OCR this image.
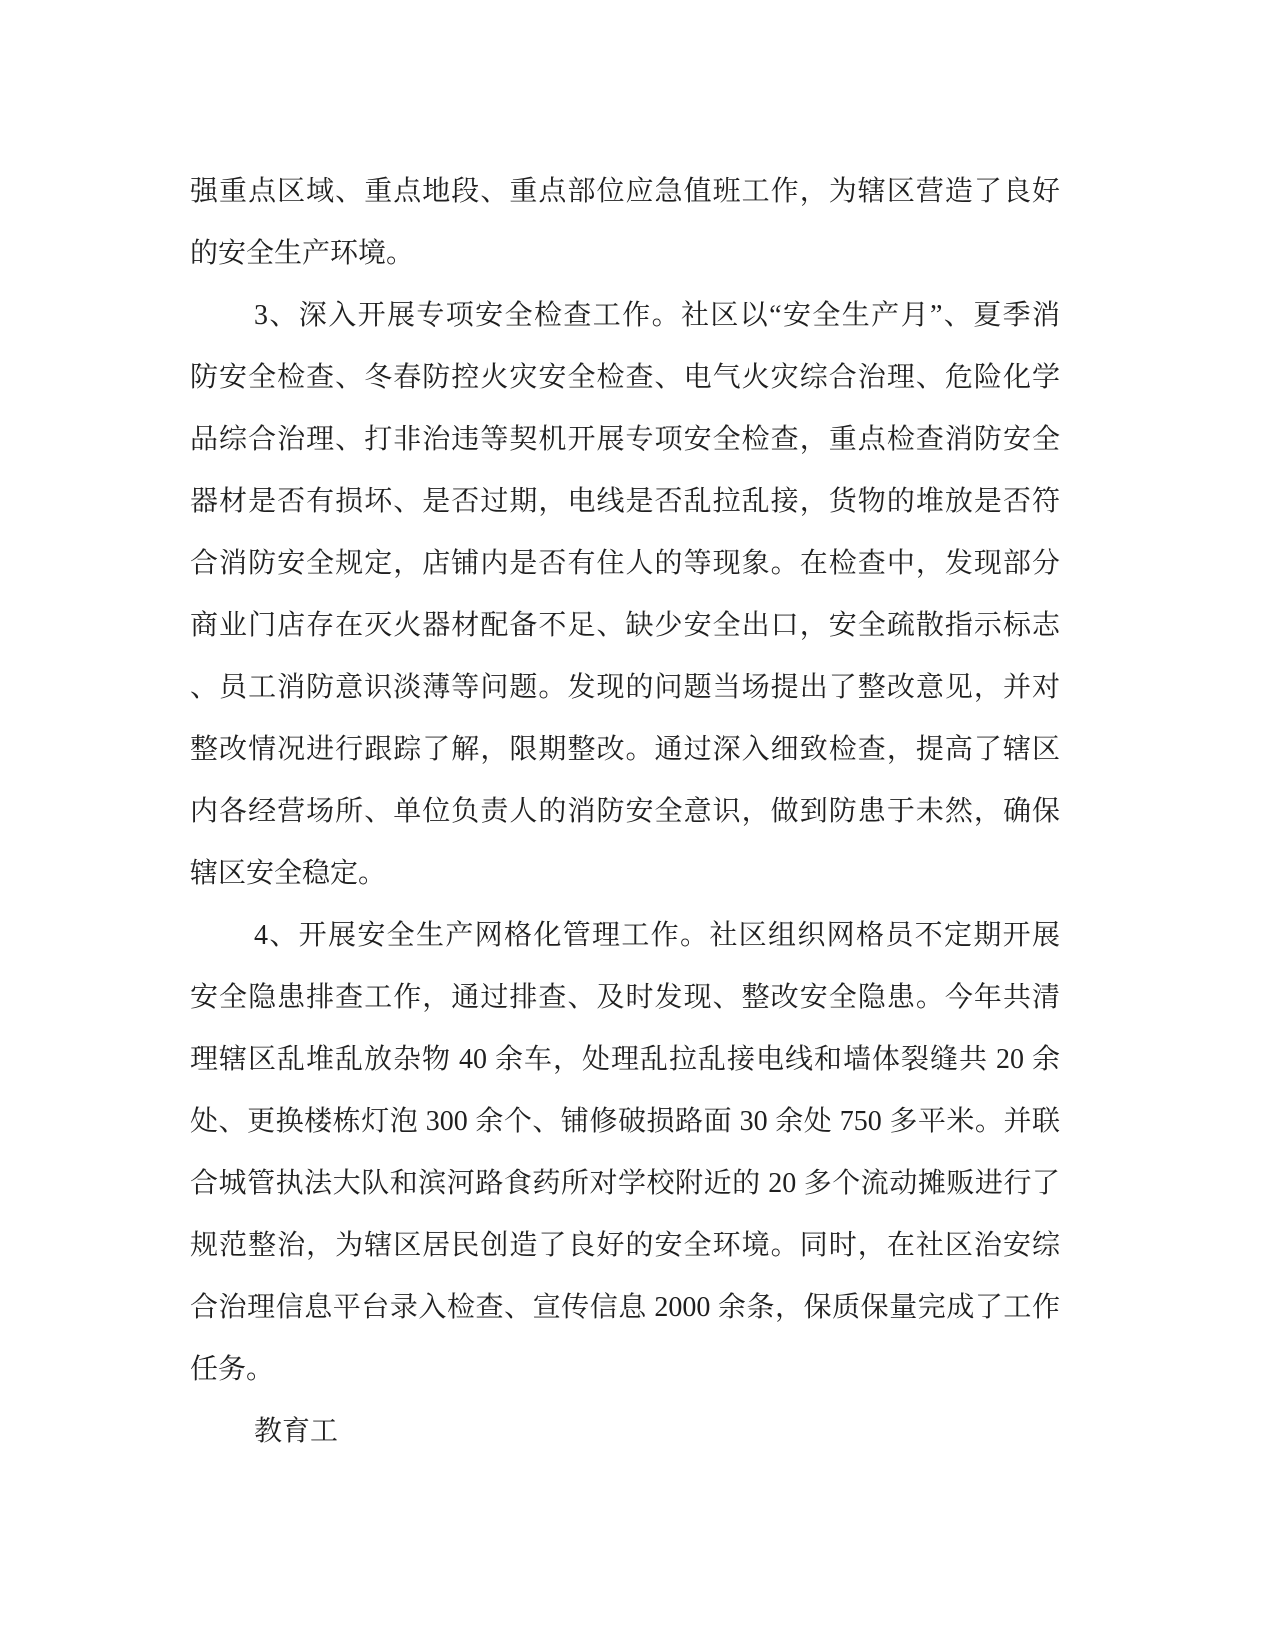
强重点区域、重点地段、重点部位应急值班工作，为辖区营造了良好
的安全生产环境。
3、深入开展专项安全检查工作。社区以“安全生产月”、夏季消
防安全检查、冬春防控火灾安全检查、电气火灾综合治理、危险化学
品综合治理、打非治违等契机开展专项安全检查，重点检查消防安全
器材是否有损坏、是否过期，电线是否乱拉乱接，货物的堆放是否符
合消防安全规定，店铺内是否有住人的等现象。在检查中，发现部分
商业门店存在灭火器材配备不足、缺少安全出口，安全疏散指示标志
、员工消防意识淡薄等问题。发现的问题当场提出了整改意见，并对
整改情况进行跟踪了解，限期整改。通过深入细致检查，提高了辖区
内各经营场所、单位负责人的消防安全意识，做到防患于未然，确保
辖区安全稳定。
4、开展安全生产网格化管理工作。社区组织网格员不定期开展
安全隐患排查工作，通过排查、及时发现、整改安全隐患。今年共清
理辖区乱堆乱放杂物 40 余车，处理乱拉乱接电线和墙体裂缝共 20 余
处、更换楼栋灯泡 300 余个、铺修破损路面 30 余处 750 多平米。并联
合城管执法大队和滨河路食药所对学校附近的 20 多个流动摊贩进行了
规范整治，为辖区居民创造了良好的安全环境。同时，在社区治安综
合治理信息平台录入检查、宣传信息 2000 余条，保质保量完成了工作
任务。
教育工
